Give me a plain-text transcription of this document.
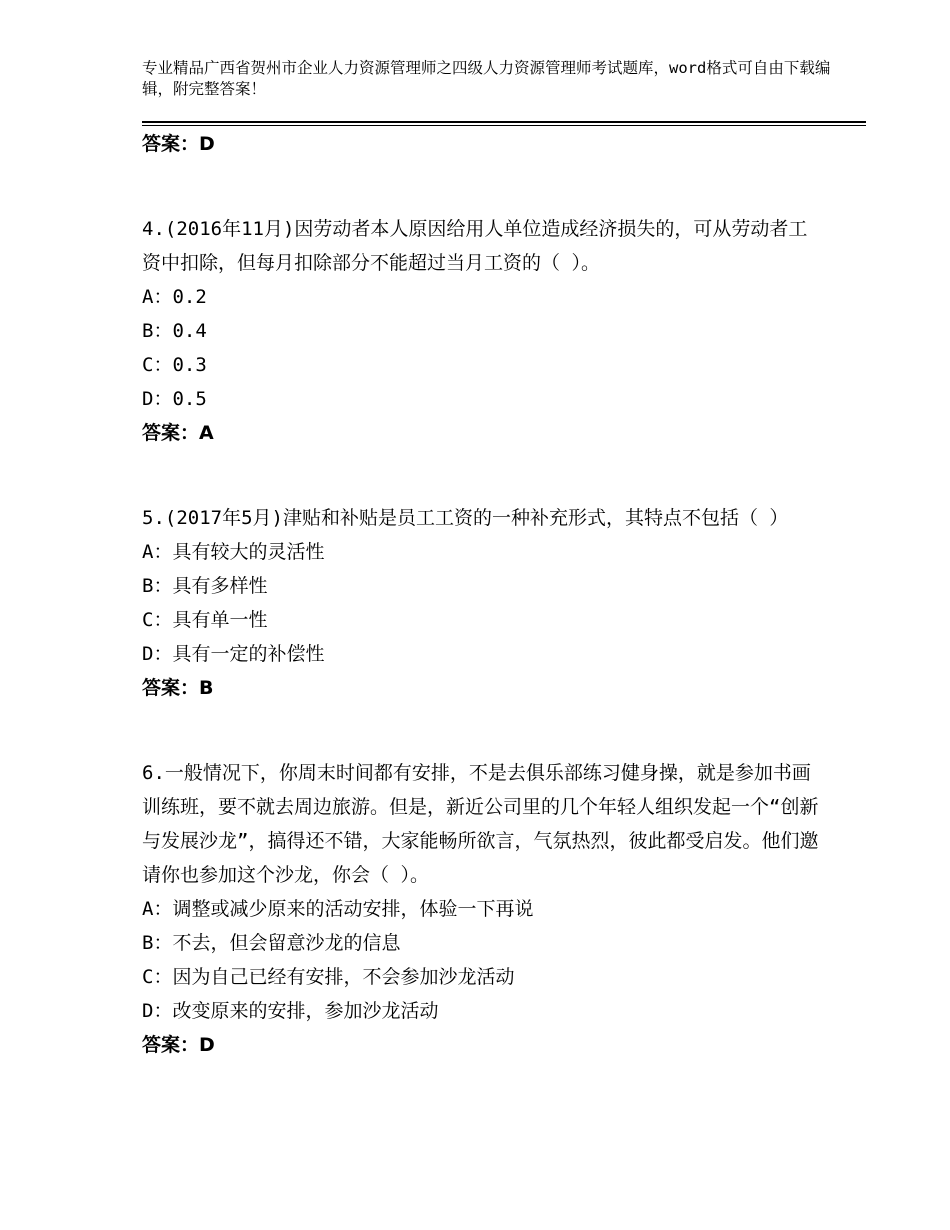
专业精品广西省贺州市企业人力资源管理师之四级人力资源管理师考试题库，word格式可自由下载编辑，附完整答案！
答案：D
4.(2016年11月)因劳动者本人原因给用人单位造成经济损失的，可从劳动者工资中扣除，但每月扣除部分不能超过当月工资的（ ）。
A：0.2
B：0.4
C：0.3
D：0.5
答案：A
5.(2017年5月)津贴和补贴是员工工资的一种补充形式，其特点不包括（ ）
A：具有较大的灵活性
B：具有多样性
C：具有单一性
D：具有一定的补偿性
答案：B
6.一般情况下，你周末时间都有安排，不是去俱乐部练习健身操，就是参加书画训练班，要不就去周边旅游。但是，新近公司里的几个年轻人组织发起一个“创新与发展沙龙”，搞得还不错，大家能畅所欲言，气氛热烈，彼此都受启发。他们邀请你也参加这个沙龙，你会（ ）。
A：调整或减少原来的活动安排，体验一下再说
B：不去，但会留意沙龙的信息
C：因为自己已经有安排，不会参加沙龙活动
D：改变原来的安排，参加沙龙活动
答案：D
